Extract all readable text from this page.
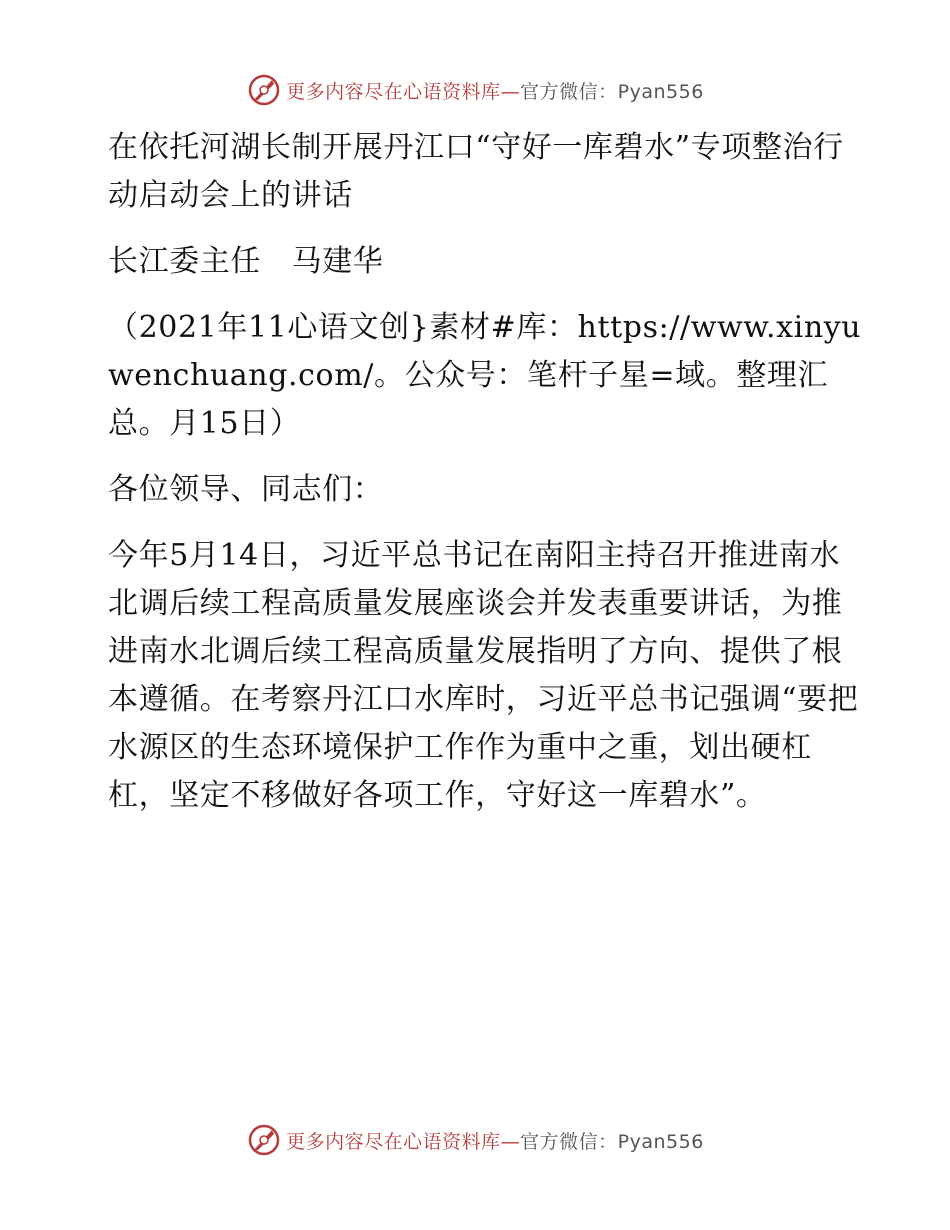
更多内容尽在心语资料库—官方微信：Pyan556

在依托河湖长制开展丹江口“守好一库碧水”专项整治行动启动会上的讲话

长江委主任　马建华

（2021年11心语文创}素材#库：https://www.xinyuwenchuang.com/。公众号：笔杆子星=域。整理汇总。月15日）

各位领导、同志们：

今年5月14日，习近平总书记在南阳主持召开推进南水北调后续工程高质量发展座谈会并发表重要讲话，为推进南水北调后续工程高质量发展指明了方向、提供了根本遵循。在考察丹江口水库时，习近平总书记强调“要把水源区的生态环境保护工作作为重中之重，划出硬杠杠，坚定不移做好各项工作，守好这一库碧水”。

更多内容尽在心语资料库—官方微信：Pyan556
